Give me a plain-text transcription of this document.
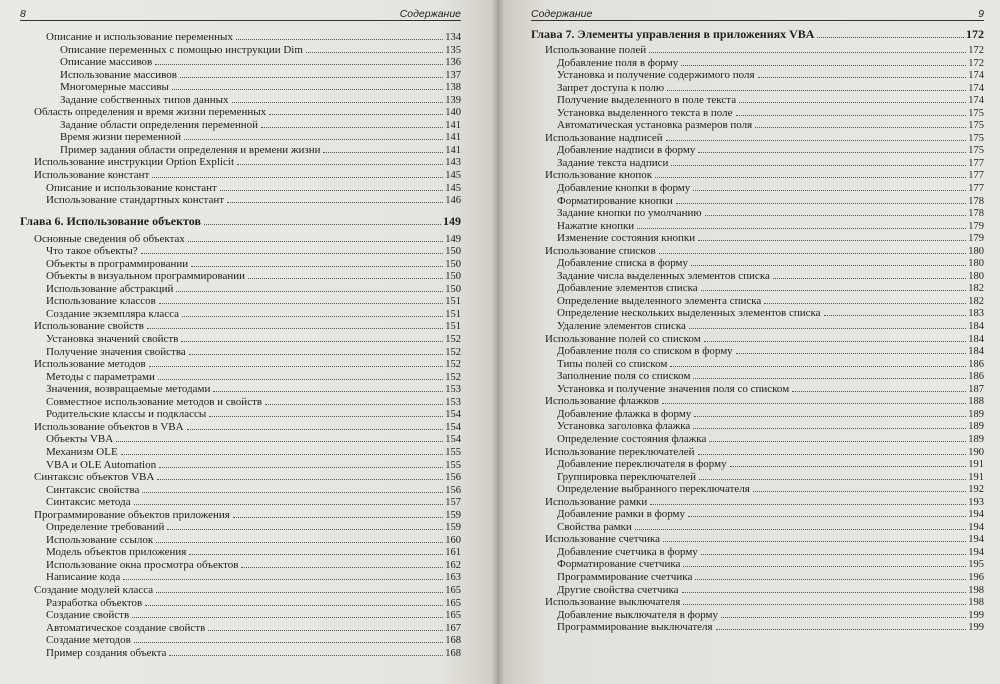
8	Содержание
Описание и использование переменных	134
Описание переменных с помощью инструкции Dim	135
Описание массивов	136
Использование массивов	137
Многомерные массивы	138
Задание собственных типов данных	139
Область определения и время жизни переменных	140
Задание области определения переменной	141
Время жизни переменной	141
Пример задания области определения и времени жизни	141
Использование инструкции Option Explicit	143
Использование констант	145
Описание и использование констант	145
Использование стандартных констант	146
Глава 6. Использование объектов	149
Основные сведения об объектах	149
Что такое объекты?	150
Объекты в программировании	150
Объекты в визуальном программировании	150
Использование абстракций	150
Использование классов	151
Создание экземпляра класса	151
Использование свойств	151
Установка значений свойств	152
Получение значения свойства	152
Использование методов	152
Методы с параметрами	152
Значения, возвращаемые методами	153
Совместное использование методов и свойств	153
Родительские классы и подклассы	154
Использование объектов в VBA	154
Объекты VBA	154
Механизм OLE	155
VBA и OLE Automation	155
Синтаксис объектов VBA	156
Синтаксис свойства	156
Синтаксис метода	157
Программирование объектов приложения	159
Определение требований	159
Использование ссылок	160
Модель объектов приложения	161
Использование окна просмотра объектов	162
Написание кода	163
Создание модулей класса	165
Разработка объектов	165
Создание свойств	165
Автоматическое создание свойств	167
Создание методов	168
Пример создания объекта	168
Содержание	9
Глава 7. Элементы управления в приложениях VBA	172
Использование полей	172
Добавление поля в форму	172
Установка и получение содержимого поля	174
Запрет доступа к полю	174
Получение выделенного в поле текста	174
Установка выделенного текста в поле	175
Автоматическая установка размеров поля	175
Использование надписей	175
Добавление надписи в форму	175
Задание текста надписи	177
Использование кнопок	177
Добавление кнопки в форму	177
Форматирование кнопки	178
Задание кнопки по умолчанию	178
Нажатие кнопки	179
Изменение состояния кнопки	179
Использование списков	180
Добавление списка в форму	180
Задание числа выделенных элементов списка	180
Добавление элементов списка	182
Определение выделенного элемента списка	182
Определение нескольких выделенных элементов списка	183
Удаление элементов списка	184
Использование полей со списком	184
Добавление поля со списком в форму	184
Типы полей со списком	186
Заполнение поля со списком	186
Установка и получение значения поля со списком	187
Использование флажков	188
Добавление флажка в форму	189
Установка заголовка флажка	189
Определение состояния флажка	189
Использование переключателей	190
Добавление переключателя в форму	191
Группировка переключателей	191
Определение выбранного переключателя	192
Использование рамки	193
Добавление рамки в форму	194
Свойства рамки	194
Использование счетчика	194
Добавление счетчика в форму	194
Форматирование счетчика	195
Программирование счетчика	196
Другие свойства счетчика	198
Использование выключателя	198
Добавление выключателя в форму	199
Программирование выключателя	199
